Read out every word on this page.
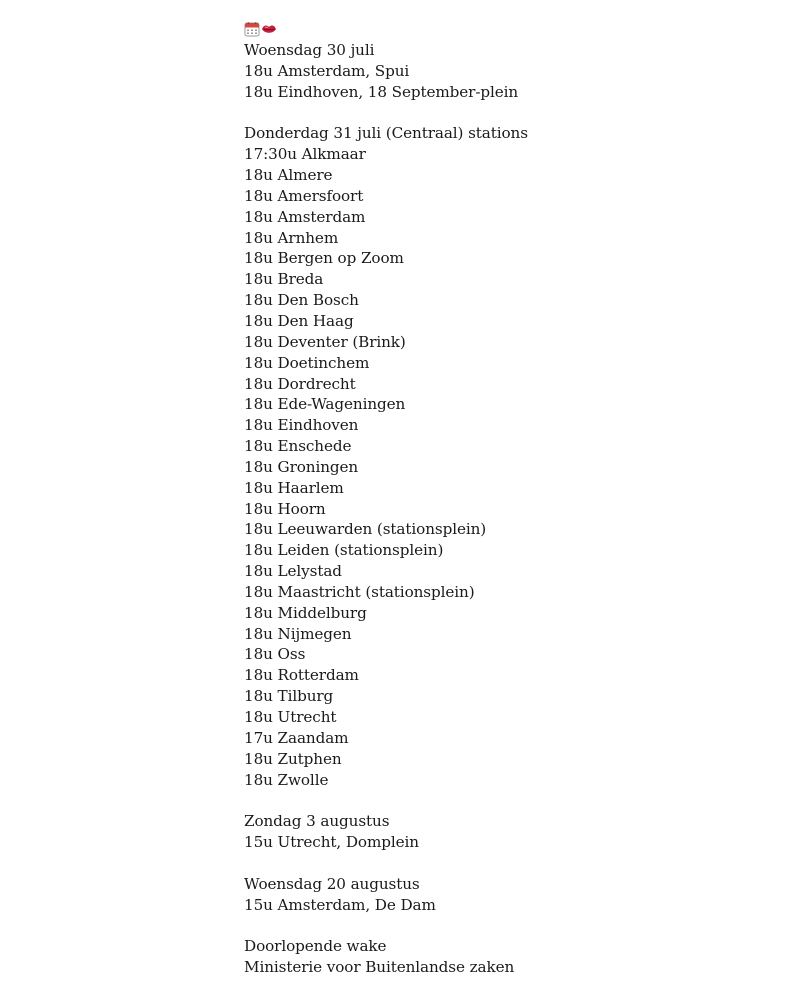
Woensdag 30 juli
18u Amsterdam, Spui
18u Eindhoven, 18 September-plein
Donderdag 31 juli (Centraal) stations
17:30u Alkmaar
18u Almere
18u Amersfoort
18u Amsterdam
18u Arnhem
18u Bergen op Zoom
18u Breda
18u Den Bosch
18u Den Haag
18u Deventer (Brink)
18u Doetinchem
18u Dordrecht
18u Ede-Wageningen
18u Eindhoven
18u Enschede
18u Groningen
18u Haarlem
18u Hoorn
18u Leeuwarden (stationsplein)
18u Leiden (stationsplein)
18u Lelystad
18u Maastricht (stationsplein)
18u Middelburg
18u Nijmegen
18u Oss
18u Rotterdam
18u Tilburg
18u Utrecht
17u Zaandam
18u Zutphen
18u Zwolle
Zondag 3 augustus
15u Utrecht, Domplein
Woensdag 20 augustus
15u Amsterdam, De Dam
Doorlopende wake
Ministerie voor Buitenlandse zaken
